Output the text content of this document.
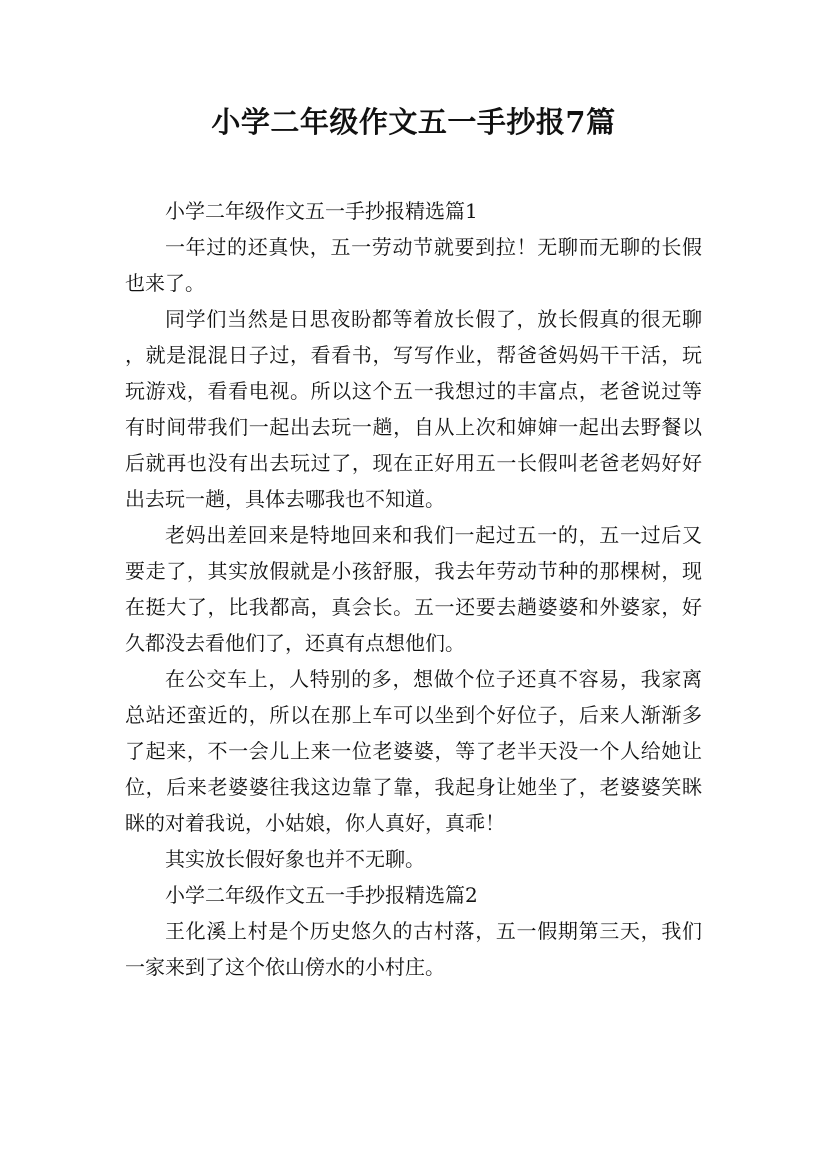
小学二年级作文五一手抄报7篇

小学二年级作文五一手抄报精选篇1

一年过的还真快，五一劳动节就要到拉！无聊而无聊的长假也来了。

同学们当然是日思夜盼都等着放长假了，放长假真的很无聊，就是混混日子过，看看书，写写作业，帮爸爸妈妈干干活，玩玩游戏，看看电视。所以这个五一我想过的丰富点，老爸说过等有时间带我们一起出去玩一趟，自从上次和婶婶一起出去野餐以后就再也没有出去玩过了，现在正好用五一长假叫老爸老妈好好出去玩一趟，具体去哪我也不知道。

老妈出差回来是特地回来和我们一起过五一的，五一过后又要走了，其实放假就是小孩舒服，我去年劳动节种的那棵树，现在挺大了，比我都高，真会长。五一还要去趟婆婆和外婆家，好久都没去看他们了，还真有点想他们。

在公交车上，人特别的多，想做个位子还真不容易，我家离总站还蛮近的，所以在那上车可以坐到个好位子，后来人渐渐多了起来，不一会儿上来一位老婆婆，等了老半天没一个人给她让位，后来老婆婆往我这边靠了靠，我起身让她坐了，老婆婆笑眯眯的对着我说，小姑娘，你人真好，真乖！

其实放长假好象也并不无聊。

小学二年级作文五一手抄报精选篇2

王化溪上村是个历史悠久的古村落，五一假期第三天，我们一家来到了这个依山傍水的小村庄。
